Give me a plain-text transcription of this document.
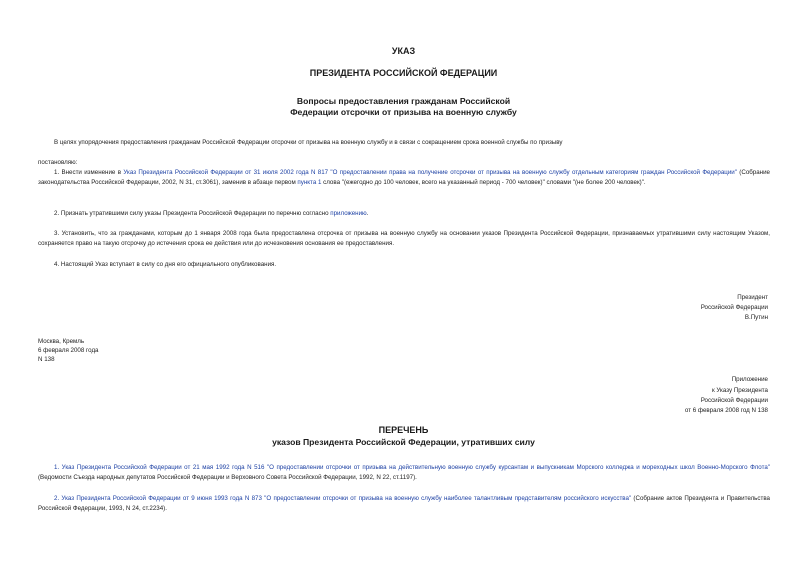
УКАЗ
ПРЕЗИДЕНТА РОССИЙСКОЙ ФЕДЕРАЦИИ
Вопросы предоставления гражданам Российской
Федерации отсрочки от призыва на военную службу
В целях упорядочения предоставления гражданам Российской Федерации отсрочки от призыва на военную службу и в связи с сокращением срока военной службы по призыву
постановляю:
1. Внести изменение в Указ Президента Российской Федерации от 31 июля 2002 года N 817 "О предоставлении права на получение отсрочки от призыва на военную службу отдельным категориям граждан Российской Федерации" (Собрание законодательства Российской Федерации, 2002, N 31, ст.3061), заменив в абзаце первом пункта 1 слова "(ежегодно до 100 человек, всего на указанный период - 700 человек)" словами "(не более 200 человек)".
2. Признать утратившими силу указы Президента Российской Федерации по перечню согласно приложению.
3. Установить, что за гражданами, которым до 1 января 2008 года была предоставлена отсрочка от призыва на военную службу на основании указов Президента Российской Федерации, признаваемых утратившими силу настоящим Указом, сохраняется право на такую отсрочку до истечения срока ее действия или до исчезновения основания ее предоставления.
4. Настоящий Указ вступает в силу со дня его официального опубликования.
Президент
Российской Федерации
В.Путин
Москва, Кремль
6 февраля 2008 года
N 138
Приложение
к Указу Президента
Российской Федерации
от 6 февраля 2008 год N 138
ПЕРЕЧЕНЬ
указов Президента Российской Федерации, утративших силу
1. Указ Президента Российской Федерации от 21 мая 1992 года N 516 "О предоставлении отсрочки от призыва на действительную военную службу курсантам и выпускникам Морского колледжа и мореходных школ Военно-Морского Флота" (Ведомости Съезда народных депутатов Российской Федерации и Верховного Совета Российской Федерации, 1992, N 22, ст.1197).
2. Указ Президента Российской Федерации от 9 июня 1993 года N 873 "О предоставлении отсрочки от призыва на военную службу наиболее талантливым представителям российского искусства" (Собрание актов Президента и Правительства Российской Федерации, 1993, N 24, ст.2234).
